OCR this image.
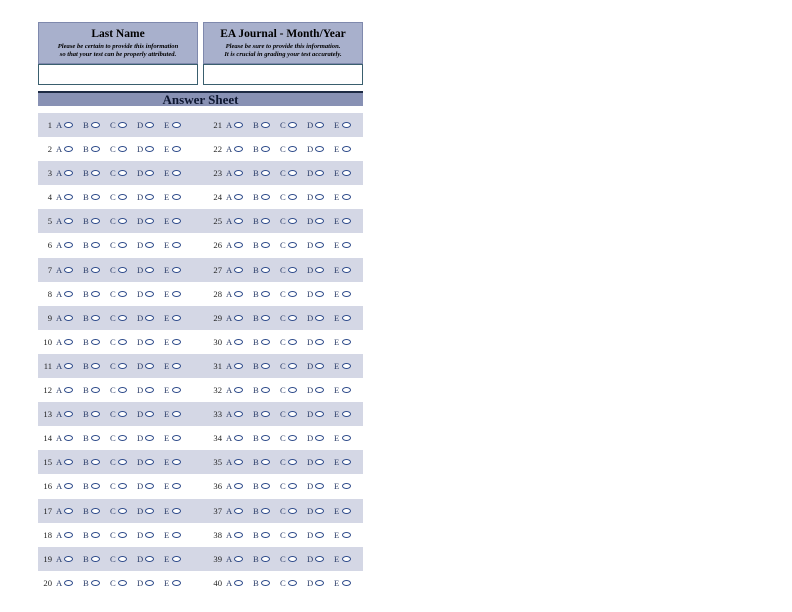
Last Name
Please be certain to provide this information
so that your test can be properly attributed.
EA Journal - Month/Year
Please be sure to provide this information.
It is crucial in grading your test accurately.
Answer Sheet
1 A	B	C	D	E	21 A	B	C	D	E
2 A	B	C	D	E	22 A	B	C	D	E
3 A	B	C	D	E	23 A	B	C	D	E
4 A	B	C	D	E	24 A	B	C	D	E
5 A	B	C	D	E	25 A	B	C	D	E
6 A	B	C	D	E	26 A	B	C	D	E
7 A	B	C	D	E	27 A	B	C	D	E
8 A	B	C	D	E	28 A	B	C	D	E
9 A	B	C	D	E	29 A	B	C	D	E
10 A	B	C	D	E	30 A	B	C	D	E
11 A	B	C	D	E	31 A	B	C	D	E
12 A	B	C	D	E	32 A	B	C	D	E
13 A	B	C	D	E	33 A	B	C	D	E
14 A	B	C	D	E	34 A	B	C	D	E
15 A	B	C	D	E	35 A	B	C	D	E
16 A	B	C	D	E	36 A	B	C	D	E
17 A	B	C	D	E	37 A	B	C	D	E
18 A	B	C	D	E	38 A	B	C	D	E
19 A	B	C	D	E	39 A	B	C	D	E
20 A	B	C	D	E	40 A	B	C	D	E
